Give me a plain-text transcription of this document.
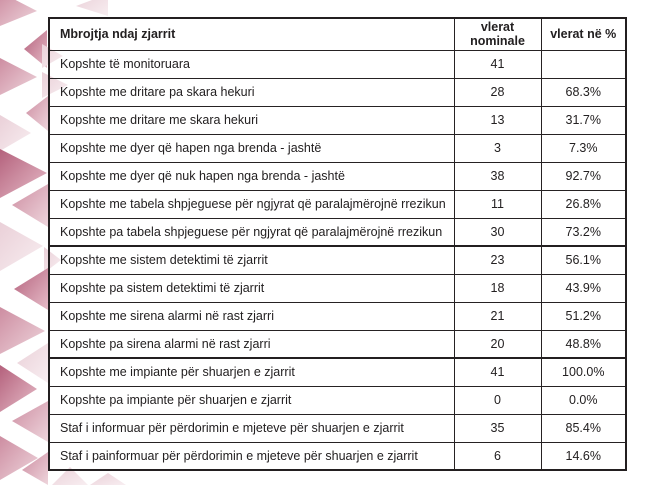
Mbrojtja ndaj zjarrit	vlerat nominale	vlerat në %
Kopshte të monitoruara	41	
Kopshte me dritare pa skara hekuri	28	68.3%
Kopshte me dritare me skara hekuri	13	31.7%
Kopshte me dyer që hapen nga brenda - jashtë	3	7.3%
Kopshte me dyer që nuk hapen nga brenda - jashtë	38	92.7%
Kopshte me tabela shpjeguese për ngjyrat që paralajmërojnë rrezikun	11	26.8%
Kopshte pa tabela shpjeguese për ngjyrat që paralajmërojnë rrezikun	30	73.2%
Kopshte me sistem detektimi të zjarrit	23	56.1%
Kopshte pa sistem detektimi të zjarrit	18	43.9%
Kopshte me sirena alarmi në rast zjarri	21	51.2%
Kopshte pa sirena alarmi në rast zjarri	20	48.8%
Kopshte me impiante për shuarjen e zjarrit	41	100.0%
Kopshte pa impiante për shuarjen e zjarrit	0	0.0%
Staf i informuar për përdorimin e mjeteve për shuarjen e zjarrit	35	85.4%
Staf i painformuar për përdorimin e mjeteve për shuarjen e zjarrit	6	14.6%
